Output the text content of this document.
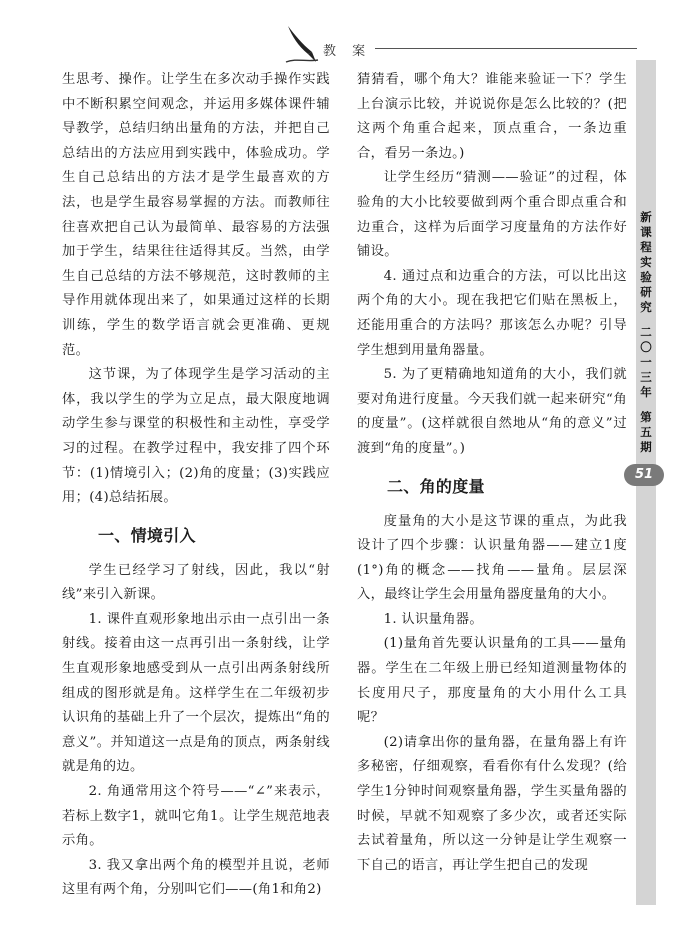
教 案
新
课
程
实
验
研
究
二
〇
一
三
年
第
五
期
51

生思考、操作。让学生在多次动手操作实践中不断积累空间观念，并运用多媒体课件辅导教学，总结归纳出量角的方法，并把自己总结出的方法应用到实践中，体验成功。学生自己总结出的方法才是学生最喜欢的方法，也是学生最容易掌握的方法。而教师往往喜欢把自己认为最简单、最容易的方法强加于学生，结果往往适得其反。当然，由学生自己总结的方法不够规范，这时教师的主导作用就体现出来了，如果通过这样的长期训练，学生的数学语言就会更准确、更规范。

这节课，为了体现学生是学习活动的主体，我以学生的学为立足点，最大限度地调动学生参与课堂的积极性和主动性，享受学习的过程。在教学过程中，我安排了四个环节：(1)情境引入；(2)角的度量；(3)实践应用；(4)总结拓展。

一、情境引入

学生已经学习了射线，因此，我以“射线”来引入新课。

1. 课件直观形象地出示由一点引出一条射线。接着由这一点再引出一条射线，让学生直观形象地感受到从一点引出两条射线所组成的图形就是角。这样学生在二年级初步认识角的基础上升了一个层次，提炼出“角的意义”。并知道这一点是角的顶点，两条射线就是角的边。

2. 角通常用这个符号——“∠”来表示，若标上数字1，就叫它角1。让学生规范地表示角。

3. 我又拿出两个角的模型并且说，老师这里有两个角，分别叫它们——(角1和角2)

猜猜看，哪个角大？谁能来验证一下？学生上台演示比较，并说说你是怎么比较的？(把这两个角重合起来，顶点重合，一条边重合，看另一条边。)

让学生经历“猜测——验证”的过程，体验角的大小比较要做到两个重合即点重合和边重合，这样为后面学习度量角的方法作好铺设。

4. 通过点和边重合的方法，可以比出这两个角的大小。现在我把它们贴在黑板上，还能用重合的方法吗？那该怎么办呢？引导学生想到用量角器量。

5. 为了更精确地知道角的大小，我们就要对角进行度量。今天我们就一起来研究“角的度量”。(这样就很自然地从“角的意义”过渡到“角的度量”。)

二、角的度量

度量角的大小是这节课的重点，为此我设计了四个步骤：认识量角器——建立1度(1°)角的概念——找角——量角。层层深入，最终让学生会用量角器度量角的大小。

1. 认识量角器。

(1)量角首先要认识量角的工具——量角器。学生在二年级上册已经知道测量物体的长度用尺子，那度量角的大小用什么工具呢？

(2)请拿出你的量角器，在量角器上有许多秘密，仔细观察，看看你有什么发现？(给学生1分钟时间观察量角器，学生买量角器的时候，早就不知观察了多少次，或者还实际去试着量角，所以这一分钟是让学生观察一下自己的语言，再让学生把自己的发现
